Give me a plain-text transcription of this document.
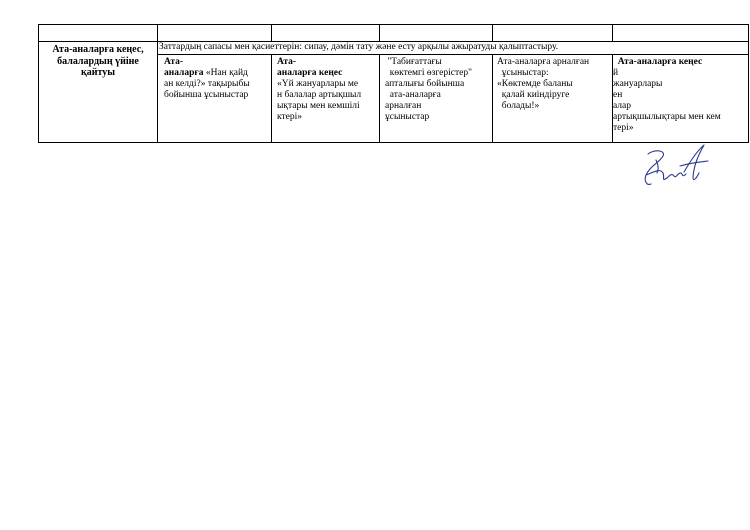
Ата-аналарға кеңес,
балалардың үйіне
қайтуы
Заттардың сапасы мен қасиеттерін: сипау, дәмін тату және есту арқылы ажыратуды қалыптастыру.
Ата-
аналарға «Нан қайд
ан келді?» тақырыбы
бойынша ұсыныстар
Ата-
аналарға кеңес
«Үй жануарлары ме
н балалар артықшыл
ықтары мен кемшілі
ктері»
"Табиғаттағы
көктемгі өзгерістер"
апталығы бойынша
ата-аналарға
арналған
ұсыныстар
Ата-аналарға арналған
ұсыныстар:
«Көктемде баланы
қалай киіндіруге
болады!»
Ата-аналарға кеңес
й
жануарлары
ен
алар
артықшылықтары мен кем
тері»
